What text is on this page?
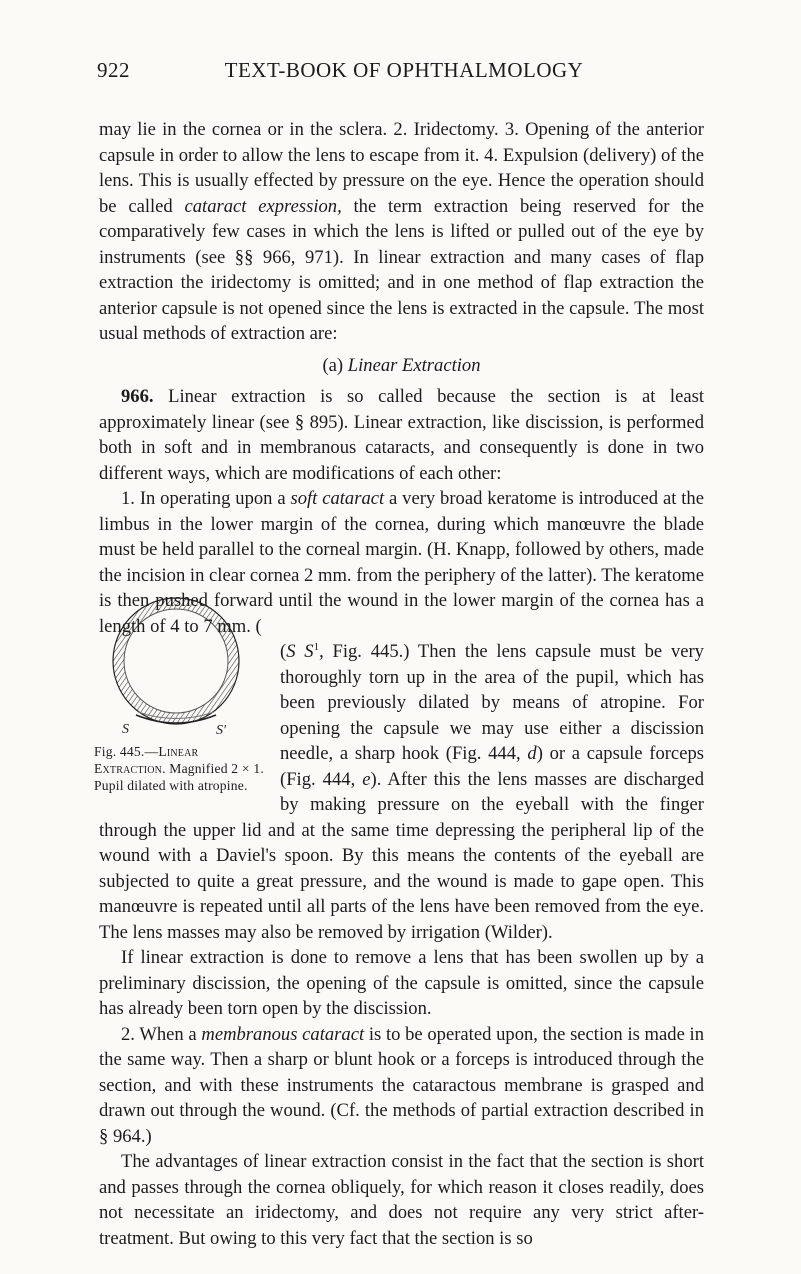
922	TEXT-BOOK OF OPHTHALMOLOGY

may lie in the cornea or in the sclera. 2. Iridectomy. 3. Opening of the anterior capsule in order to allow the lens to escape from it. 4. Expulsion (delivery) of the lens. This is usually effected by pressure on the eye. Hence the operation should be called cataract expression, the term extraction being reserved for the comparatively few cases in which the lens is lifted or pulled out of the eye by instruments (see §§ 966, 971). In linear extraction and many cases of flap extraction the iridectomy is omitted; and in one method of flap extraction the anterior capsule is not opened since the lens is extracted in the capsule. The most usual methods of extraction are:

(a) Linear Extraction

966. Linear extraction is so called because the section is at least approximately linear (see § 895). Linear extraction, like discission, is performed both in soft and in membranous cataracts, and consequently is done in two different ways, which are modifications of each other:

1. In operating upon a soft cataract a very broad keratome is introduced at the limbus in the lower margin of the cornea, during which manœuvre the blade must be held parallel to the corneal margin. (H. Knapp, followed by others, made the incision in clear cornea 2 mm. from the periphery of the latter). The keratome is then pushed forward until the wound in the lower margin of the cornea has a length of 4 to 7 mm. (

S	S′
Fig. 445.—Linear Extraction. Magnified 2 × 1. Pupil dilated with atropine.

(S $S^1$, Fig. 445.) Then the lens capsule must be very thoroughly torn up in the area of the pupil, which has been previously dilated by means of atropine. For opening the capsule we may use either a discission needle, a sharp hook (Fig. 444, d) or a capsule forceps (Fig. 444, e). After this the lens masses are discharged by making pressure on the eyeball with the finger through the upper lid and at the same time depressing the peripheral lip of the wound with a Daviel's spoon. By this means the contents of the eyeball are subjected to quite a great pressure, and the wound is made to gape open. This manœuvre is repeated until all parts of the lens have been removed from the eye. The lens masses may also be removed by irrigation (Wilder).

If linear extraction is done to remove a lens that has been swollen up by a preliminary discission, the opening of the capsule is omitted, since the capsule has already been torn open by the discission.

2. When a membranous cataract is to be operated upon, the section is made in the same way. Then a sharp or blunt hook or a forceps is introduced through the section, and with these instruments the cataractous membrane is grasped and drawn out through the wound. (Cf. the methods of partial extraction described in § 964.)

The advantages of linear extraction consist in the fact that the section is short and passes through the cornea obliquely, for which reason it closes readily, does not necessitate an iridectomy, and does not require any very strict after-treatment. But owing to this very fact that the section is so
